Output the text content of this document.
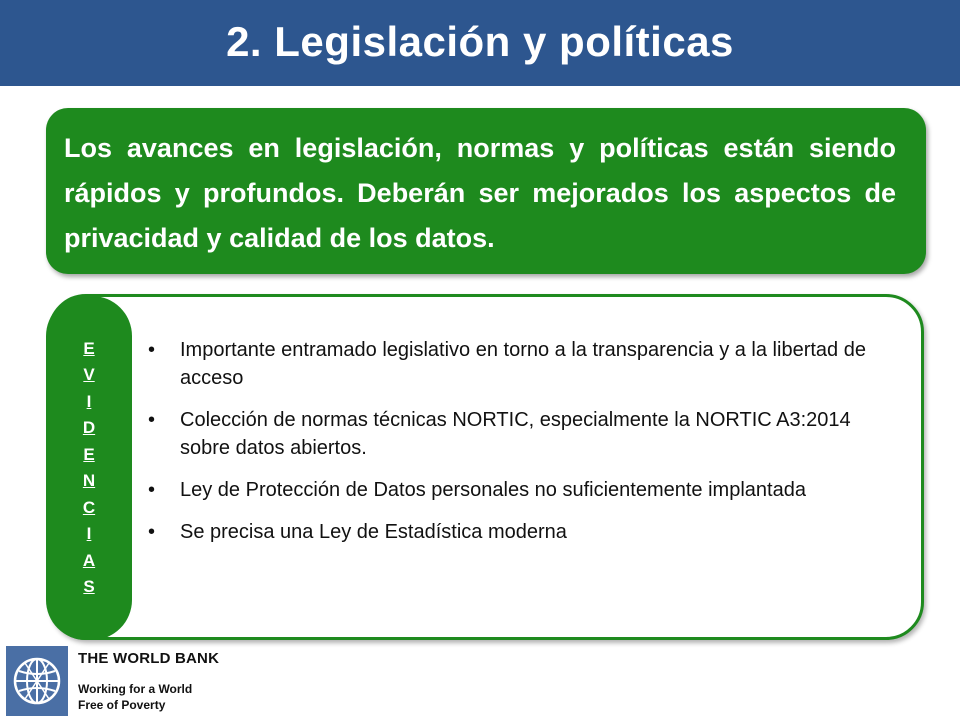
2. Legislación y políticas

Los avances en legislación, normas y políticas están siendo rápidos y profundos. Deberán ser mejorados los aspectos de privacidad y calidad de los datos.

E
V
I
D
E
N
C
I
A
S
• Importante entramado legislativo en torno a la transparencia y a la libertad de acceso
• Colección de normas técnicas NORTIC, especialmente la NORTIC A3:2014 sobre datos abiertos.
• Ley de Protección de Datos personales no suficientemente implantada
• Se precisa una Ley de Estadística moderna
THE WORLD BANK
Working for a World
Free of Poverty
